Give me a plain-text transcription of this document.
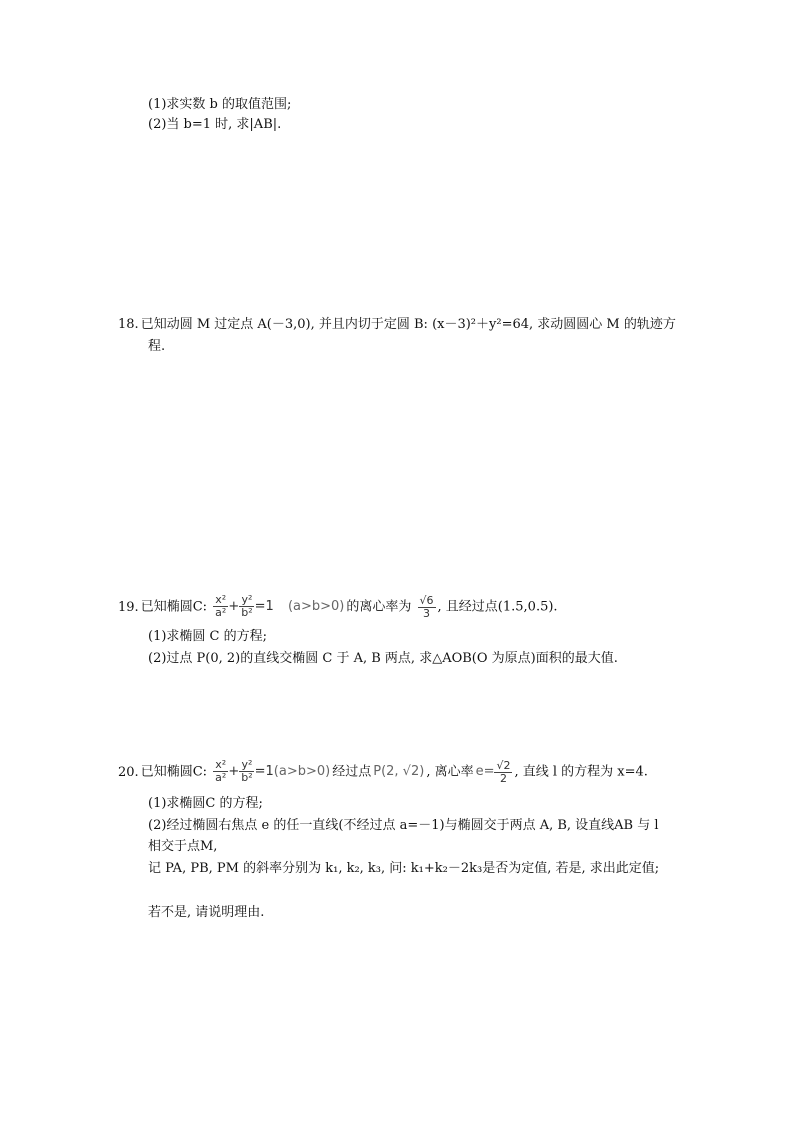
(1)求实数 b 的取值范围;
(2)当 b=1 时, 求|AB|.
18. 已知动圆 M 过定点 A(－3,0), 并且内切于定圆 B: (x－3)²＋y²=64, 求动圆圆心 M 的轨迹方
程.
19. 已知椭圆C: $\frac{\text{x²}}{\text{a²}} + \frac{\text{y²}}{\text{b²}} =1$ (a>b>0) 的离心率为 $\frac{√6}{3}$ , 且经过点(1.5,0.5).
(1)求椭圆 C 的方程;
(2)过点 P(0, 2)的直线交椭圆 C 于 A, B 两点, 求△AOB(O 为原点)面积的最大值.
20. 已知椭圆C: $\frac{\text{x²}}{\text{a²}} + \frac{\text{y²}}{\text{b²}} =1(a>b>0)$ 经过点 P(2, √2) , 离心率 $e= \frac{√2}{2}$ , 直线 l 的方程为 x=4.
(1)求椭圆C 的方程;
(2)经过椭圆右焦点 e 的任一直线(不经过点 a=－1)与椭圆交于两点 A, B, 设直线AB 与 l
相交于点M,
记 PA, PB, PM 的斜率分别为 k₁, k₂, k₃, 问: k₁+k₂－2k₃是否为定值, 若是, 求出此定值;
若不是, 请说明理由.
